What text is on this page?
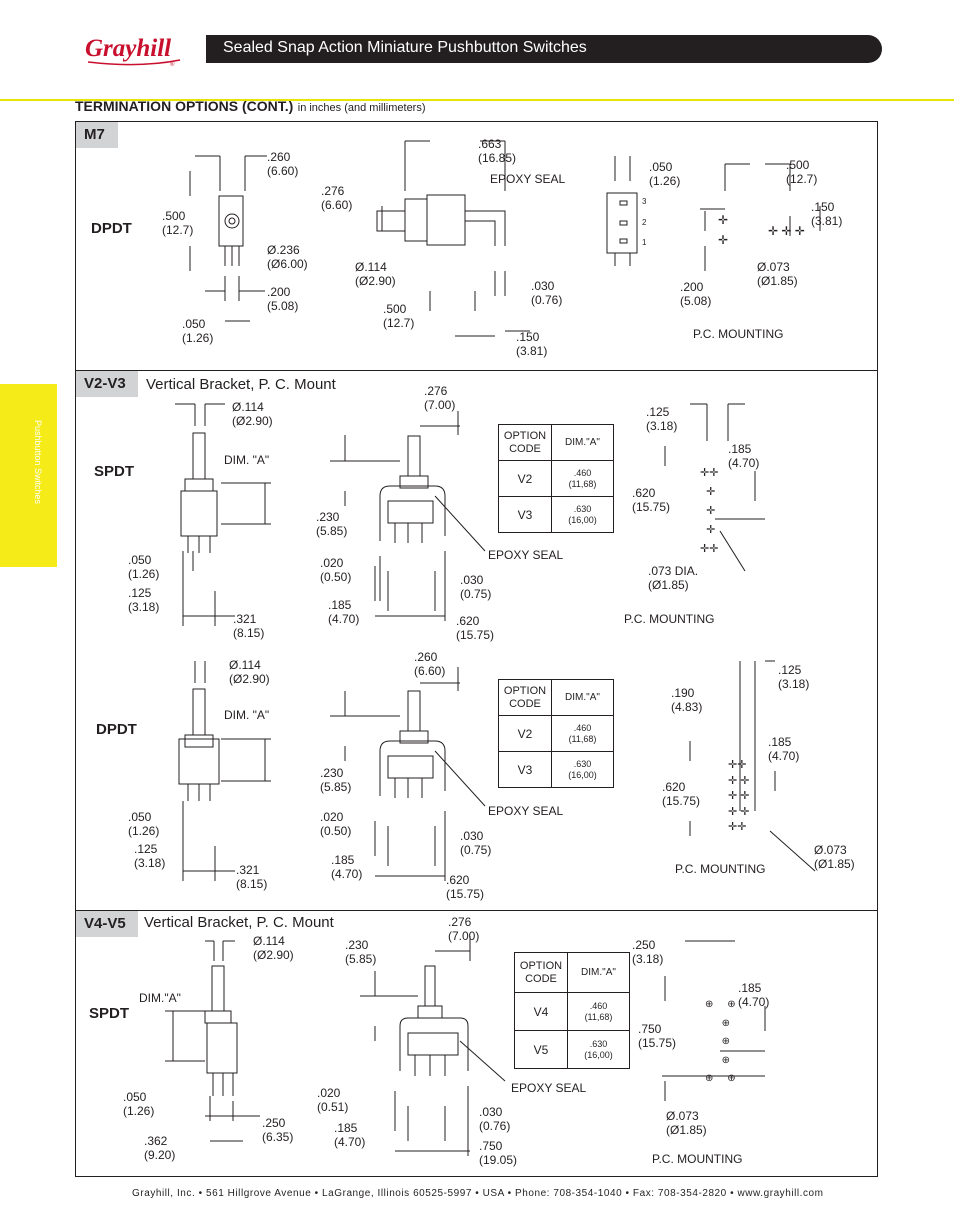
Grayhill
®
Sealed Snap Action Miniature Pushbutton Switches
Pushbutton Switches
TERMINATION OPTIONS (CONT.) in inches (and millimeters)
M7
DPDT
.260
(6.60)
.500
(12.7)
Ø.236
(Ø6.00)
.200
(5.08)
.050
(1.26)
.663
(16.85)
EPOXY SEAL
.276
(6.60)
Ø.114
(Ø2.90)	.030
(0.76)
.500
(12.7)
.150
(3.81)
.050
(1.26)
.500
(12.7)
.150
(3.81)
Ø.073
(Ø1.85)
.200
(5.08)
P.C. MOUNTING
3
2
1
✛
✛
✛ ✛ ✛
V2-V3	Vertical Bracket, P. C. Mount
SPDT
DPDT
Ø.114
(Ø2.90)
DIM. "A"
.050
(1.26)
.125
(3.18)
.321
(8.15)
.276
(7.00)
.230
(5.85)
.020
(0.50)	.030
(0.75)
.185
(4.70)	.620
(15.75)
EPOXY SEAL
.125
(3.18)
.185
(4.70)
.620
(15.75)
.073 DIA.
(Ø1.85)
P.C. MOUNTING
✛✛
✛
✛
✛
✛✛
Ø.114
(Ø2.90)
DIM. "A"
.050
(1.26)
.125
(3.18)	.321
(8.15)
.260
(6.60)
.230
(5.85)
.020
(0.50)	.030
(0.75)
.185
(4.70)	.620
(15.75)
EPOXY SEAL
.125
(3.18)
.190
(4.83)
.185
(4.70)
.620
(15.75)
Ø.073
(Ø1.85)
P.C. MOUNTING
✛✛
✛ ✛
✛ ✛
✛ ✛
✛✛
OPTION
CODE	DIM."A"
V2	.460
(11,68)
V3	.630
(16,00)
OPTION
CODE	DIM."A"
V2	.460
(11,68)
V3	.630
(16,00)
V4-V5	Vertical Bracket, P. C. Mount
SPDT
Ø.114
(Ø2.90)
DIM."A"
.050
(1.26)
.250
(6.35)
.362
(9.20)
.276
(7.00)
.230
(5.85)
.020
(0.51)	.030
(0.76)
.185
(4.70)	.750
(19.05)
EPOXY SEAL
.250
(3.18)
.185
(4.70)
.750
(15.75)
Ø.073
(Ø1.85)
P.C. MOUNTING
⊕     ⊕
⊕
⊕
⊕
⊕     ⊕
OPTION
CODE	DIM."A"
V4	.460
(11,68)
V5	.630
(16,00)
Grayhill, Inc. • 561 Hillgrove Avenue • LaGrange, Illinois 60525-5997 • USA • Phone: 708-354-1040 • Fax: 708-354-2820 • www.grayhill.com
